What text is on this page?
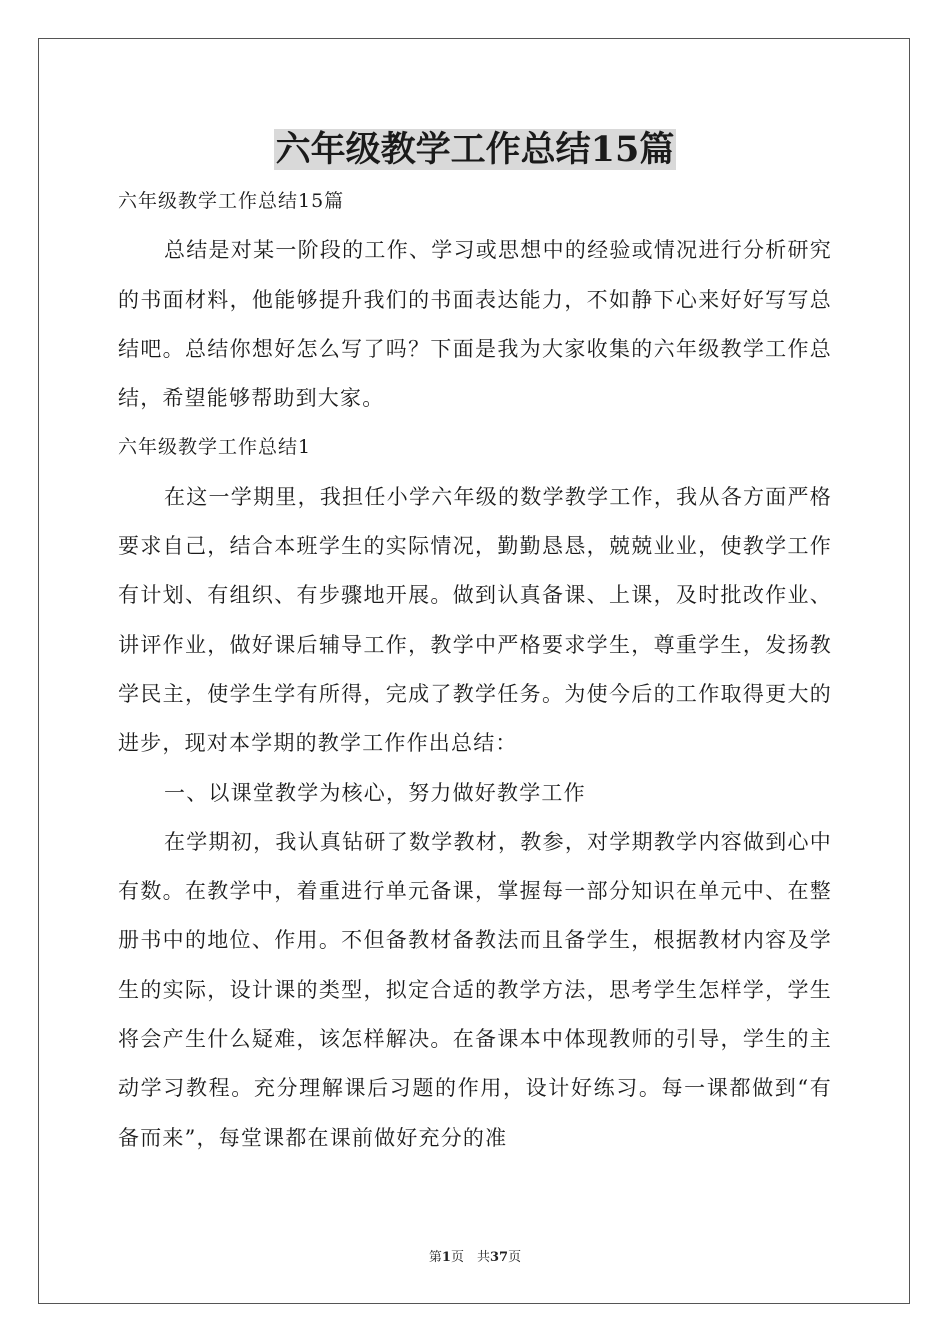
六年级教学工作总结15篇

六年级教学工作总结15篇

总结是对某一阶段的工作、学习或思想中的经验或情况进行分析研究的书面材料，他能够提升我们的书面表达能力，不如静下心来好好写写总结吧。总结你想好怎么写了吗？下面是我为大家收集的六年级教学工作总结，希望能够帮助到大家。

六年级教学工作总结1

在这一学期里，我担任小学六年级的数学教学工作，我从各方面严格要求自己，结合本班学生的实际情况，勤勤恳恳，兢兢业业，使教学工作有计划、有组织、有步骤地开展。做到认真备课、上课，及时批改作业、讲评作业，做好课后辅导工作，教学中严格要求学生，尊重学生，发扬教学民主，使学生学有所得，完成了教学任务。为使今后的工作取得更大的进步，现对本学期的教学工作作出总结：

一、以课堂教学为核心，努力做好教学工作

在学期初，我认真钻研了数学教材，教参，对学期教学内容做到心中有数。在教学中，着重进行单元备课，掌握每一部分知识在单元中、在整册书中的地位、作用。不但备教材备教法而且备学生，根据教材内容及学生的实际，设计课的类型，拟定合适的教学方法，思考学生怎样学，学生将会产生什么疑难，该怎样解决。在备课本中体现教师的引导，学生的主动学习教程。充分理解课后习题的作用，设计好练习。每一课都做到“有备而来”，每堂课都在课前做好充分的准

第1页　共37页
